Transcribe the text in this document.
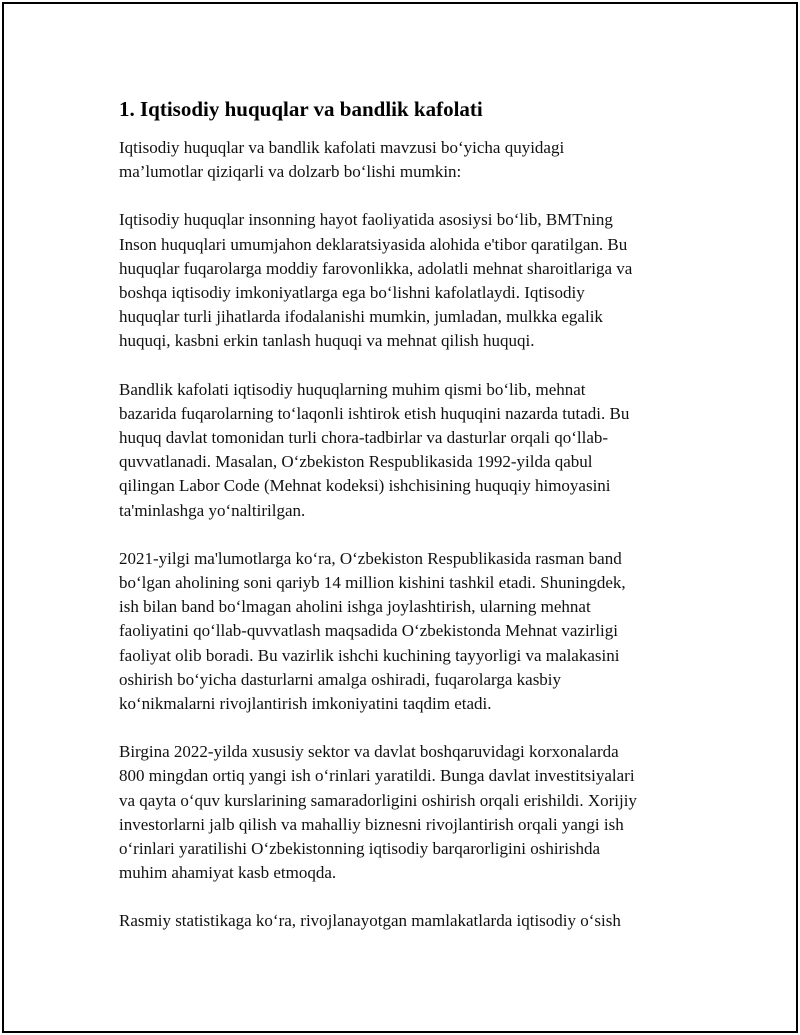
1. Iqtisodiy huquqlar va bandlik kafolati

Iqtisodiy huquqlar va bandlik kafolati mavzusi bo‘yicha quyidagi
ma’lumotlar qiziqarli va dolzarb bo‘lishi mumkin:

Iqtisodiy huquqlar insonning hayot faoliyatida asosiysi bo‘lib, BMTning
Inson huquqlari umumjahon deklaratsiyasida alohida e'tibor qaratilgan. Bu
huquqlar fuqarolarga moddiy farovonlikka, adolatli mehnat sharoitlariga va
boshqa iqtisodiy imkoniyatlarga ega bo‘lishni kafolatlaydi. Iqtisodiy
huquqlar turli jihatlarda ifodalanishi mumkin, jumladan, mulkka egalik
huquqi, kasbni erkin tanlash huquqi va mehnat qilish huquqi.

Bandlik kafolati iqtisodiy huquqlarning muhim qismi bo‘lib, mehnat
bazarida fuqarolarning to‘laqonli ishtirok etish huquqini nazarda tutadi. Bu
huquq davlat tomonidan turli chora-tadbirlar va dasturlar orqali qo‘llab-
quvvatlanadi. Masalan, O‘zbekiston Respublikasida 1992-yilda qabul
qilingan Labor Code (Mehnat kodeksi) ishchisining huquqiy himoyasini
ta'minlashga yo‘naltirilgan.

2021-yilgi ma'lumotlarga ko‘ra, O‘zbekiston Respublikasida rasman band
bo‘lgan aholining soni qariyb 14 million kishini tashkil etadi. Shuningdek,
ish bilan band bo‘lmagan aholini ishga joylashtirish, ularning mehnat
faoliyatini qo‘llab-quvvatlash maqsadida O‘zbekistonda Mehnat vazirligi
faoliyat olib boradi. Bu vazirlik ishchi kuchining tayyorligi va malakasini
oshirish bo‘yicha dasturlarni amalga oshiradi, fuqarolarga kasbiy
ko‘nikmalarni rivojlantirish imkoniyatini taqdim etadi.

Birgina 2022-yilda xususiy sektor va davlat boshqaruvidagi korxonalarda
800 mingdan ortiq yangi ish o‘rinlari yaratildi. Bunga davlat investitsiyalari
va qayta o‘quv kurslarining samaradorligini oshirish orqali erishildi. Xorijiy
investorlarni jalb qilish va mahalliy biznesni rivojlantirish orqali yangi ish
o‘rinlari yaratilishi O‘zbekistonning iqtisodiy barqarorligini oshirishda
muhim ahamiyat kasb etmoqda.

Rasmiy statistikaga ko‘ra, rivojlanayotgan mamlakatlarda iqtisodiy o‘sish
